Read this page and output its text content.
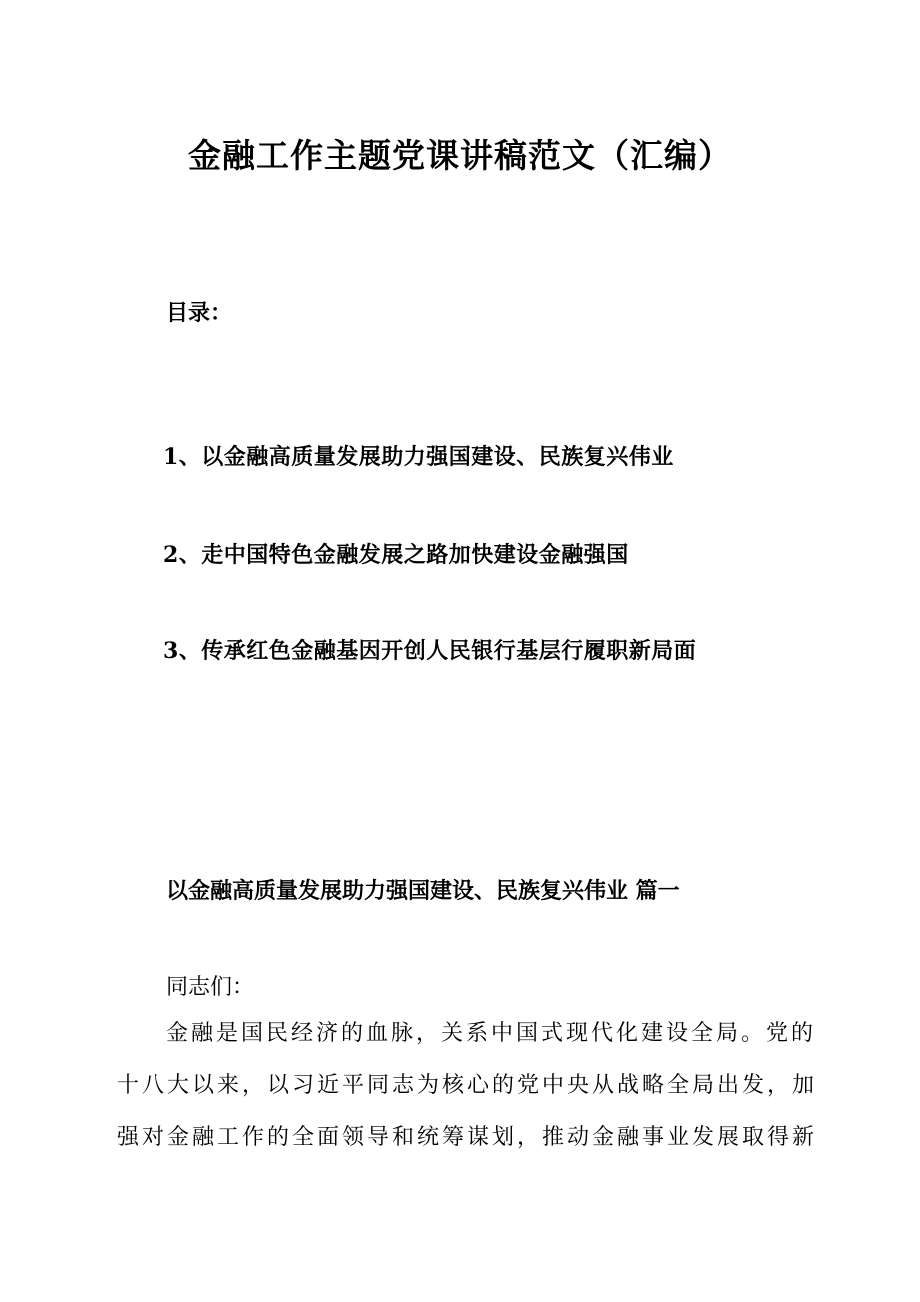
金融工作主题党课讲稿范文（汇编）
目录：
1、以金融高质量发展助力强国建设、民族复兴伟业
2、走中国特色金融发展之路加快建设金融强国
3、传承红色金融基因开创人民银行基层行履职新局面
以金融高质量发展助力强国建设、民族复兴伟业 篇一
同志们：
金融是国民经济的血脉，关系中国式现代化建设全局。党的
十八大以来，以习近平同志为核心的党中央从战略全局出发，加
强对金融工作的全面领导和统筹谋划，推动金融事业发展取得新
